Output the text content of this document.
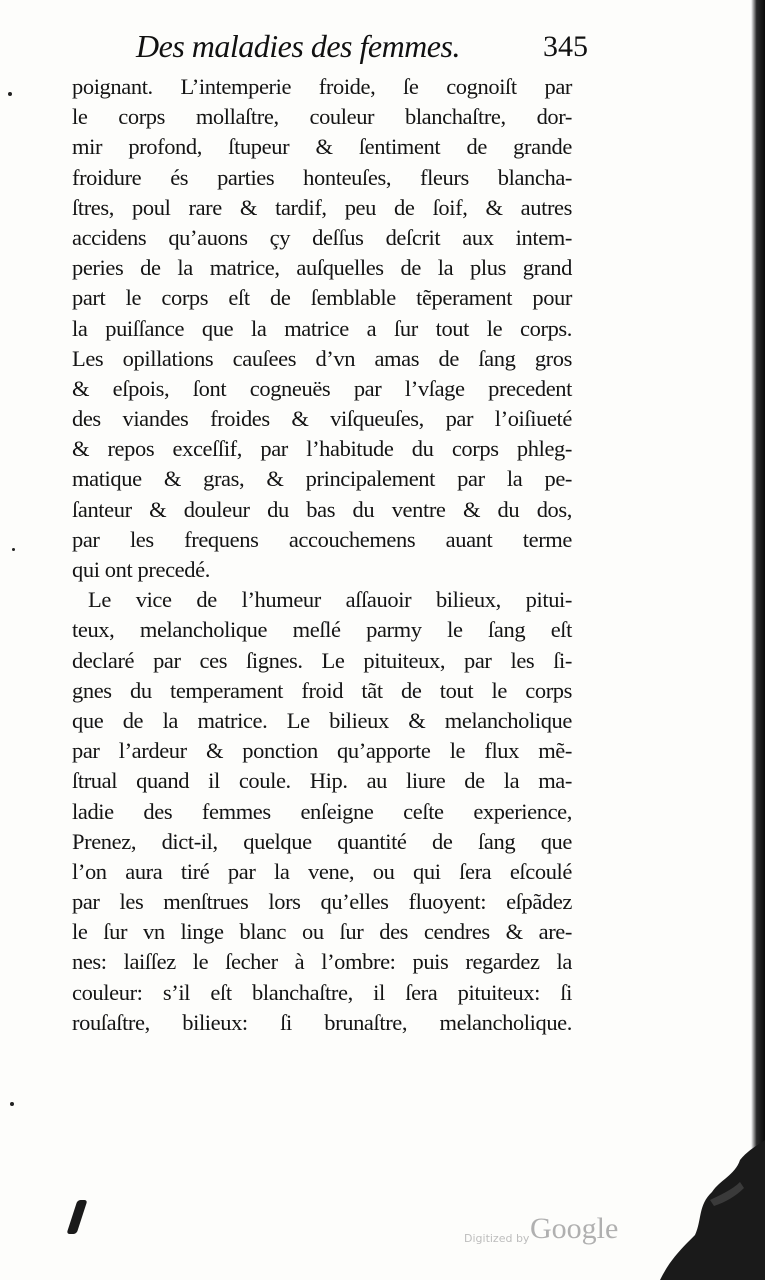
Des maladies des femmes.	345
poignant. L’intemperie froide, ſe cognoiſt par
le corps mollaſtre, couleur blanchaſtre, dor-
mir profond, ſtupeur & ſentiment de grande
froidure és parties honteuſes, fleurs blancha-
ſtres, poul rare & tardif, peu de ſoif, & autres
accidens qu’auons çy deſſus deſcrit aux intem-
peries de la matrice, auſquelles de la plus grand
part le corps eſt de ſemblable tẽperament pour
la puiſſance que la matrice a ſur tout le corps.
Les opillations cauſees d’vn amas de ſang gros
& eſpois, ſont cogneuës par l’vſage precedent
des viandes froides & viſqueuſes, par l’oiſiueté
& repos exceſſif, par l’habitude du corps phleg-
matique & gras, & principalement par la pe-
ſanteur & douleur du bas du ventre & du dos,
par les frequens accouchemens auant terme
qui ont precedé.
Le vice de l’humeur aſſauoir bilieux, pitui-
teux, melancholique meſlé parmy le ſang eſt
declaré par ces ſignes. Le pituiteux, par les ſi-
gnes du temperament froid tãt de tout le corps
que de la matrice. Le bilieux & melancholique
par l’ardeur & ponction qu’apporte le flux mẽ-
ſtrual quand il coule. Hip. au liure de la ma-
ladie des femmes enſeigne ceſte experience,
Prenez, dict-il, quelque quantité de ſang que
l’on aura tiré par la vene, ou qui ſera eſcoulé
par les menſtrues lors qu’elles fluoyent: eſpãdez
le ſur vn linge blanc ou ſur des cendres & are-
nes: laiſſez le ſecher à l’ombre: puis regardez la
couleur: s’il eſt blanchaſtre, il ſera pituiteux: ſi
rouſaſtre, bilieux: ſi brunaſtre, melancholique.
Digitized by Google
